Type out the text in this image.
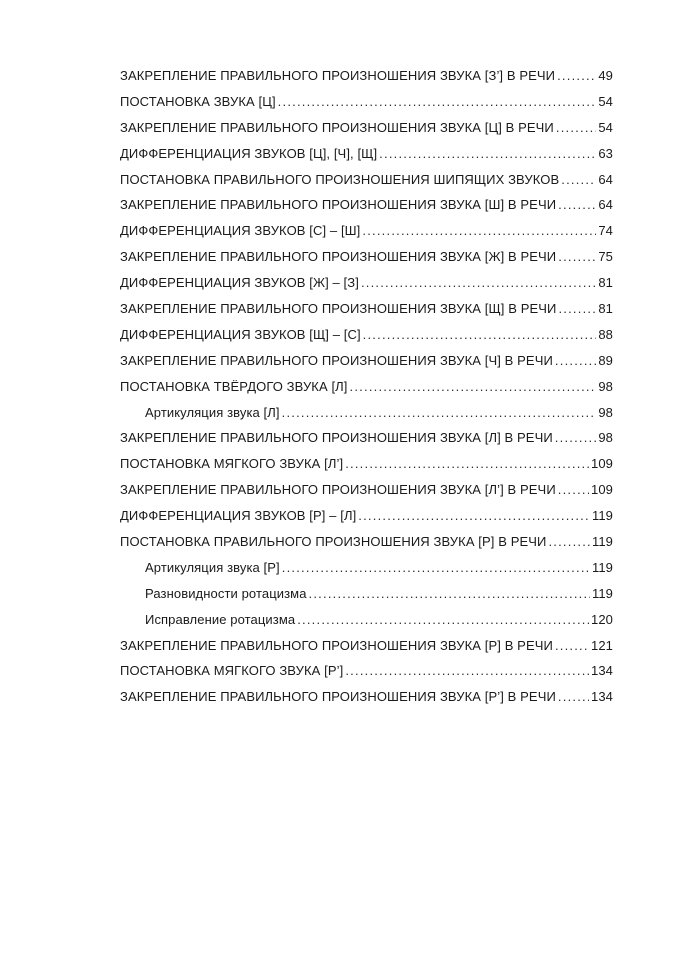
ЗАКРЕПЛЕНИЕ ПРАВИЛЬНОГО ПРОИЗНОШЕНИЯ ЗВУКА [З’] В РЕЧИ . . .	49
ПОСТАНОВКА ЗВУКА [Ц] . . .	54
ЗАКРЕПЛЕНИЕ ПРАВИЛЬНОГО ПРОИЗНОШЕНИЯ ЗВУКА [Ц] В РЕЧИ . . .	54
ДИФФЕРЕНЦИАЦИЯ ЗВУКОВ [Ц], [Ч], [Щ] . . .	63
ПОСТАНОВКА ПРАВИЛЬНОГО ПРОИЗНОШЕНИЯ ШИПЯЩИХ ЗВУКОВ . . .	64
ЗАКРЕПЛЕНИЕ ПРАВИЛЬНОГО ПРОИЗНОШЕНИЯ ЗВУКА [Ш] В РЕЧИ . . .	64
ДИФФЕРЕНЦИАЦИЯ ЗВУКОВ [С] – [Ш] . . .	74
ЗАКРЕПЛЕНИЕ ПРАВИЛЬНОГО ПРОИЗНОШЕНИЯ ЗВУКА [Ж] В РЕЧИ . . .	75
ДИФФЕРЕНЦИАЦИЯ ЗВУКОВ [Ж] – [З] . . .	81
ЗАКРЕПЛЕНИЕ ПРАВИЛЬНОГО ПРОИЗНОШЕНИЯ ЗВУКА [Щ] В РЕЧИ . . .	81
ДИФФЕРЕНЦИАЦИЯ ЗВУКОВ [Щ] – [С] . . .	88
ЗАКРЕПЛЕНИЕ ПРАВИЛЬНОГО ПРОИЗНОШЕНИЯ ЗВУКА [Ч] В РЕЧИ . . .	89
ПОСТАНОВКА ТВЁРДОГО ЗВУКА [Л] . . .	98
Артикуляция звука [Л] . . .	98
ЗАКРЕПЛЕНИЕ ПРАВИЛЬНОГО ПРОИЗНОШЕНИЯ ЗВУКА [Л] В РЕЧИ . . .	98
ПОСТАНОВКА МЯГКОГО ЗВУКА [Л’] . . .	109
ЗАКРЕПЛЕНИЕ ПРАВИЛЬНОГО ПРОИЗНОШЕНИЯ ЗВУКА [Л’] В РЕЧИ . . .	109
ДИФФЕРЕНЦИАЦИЯ ЗВУКОВ [Р] – [Л] . . .	119
ПОСТАНОВКА ПРАВИЛЬНОГО ПРОИЗНОШЕНИЯ ЗВУКА [Р] В РЕЧИ . . .	119
Артикуляция звука [Р] . . .	119
Разновидности ротацизма . . .	119
Исправление ротацизма . . .	120
ЗАКРЕПЛЕНИЕ ПРАВИЛЬНОГО ПРОИЗНОШЕНИЯ ЗВУКА [Р] В РЕЧИ . . .	121
ПОСТАНОВКА МЯГКОГО ЗВУКА [Р’] . . .	134
ЗАКРЕПЛЕНИЕ ПРАВИЛЬНОГО ПРОИЗНОШЕНИЯ ЗВУКА [Р’] В РЕЧИ . . .	134
